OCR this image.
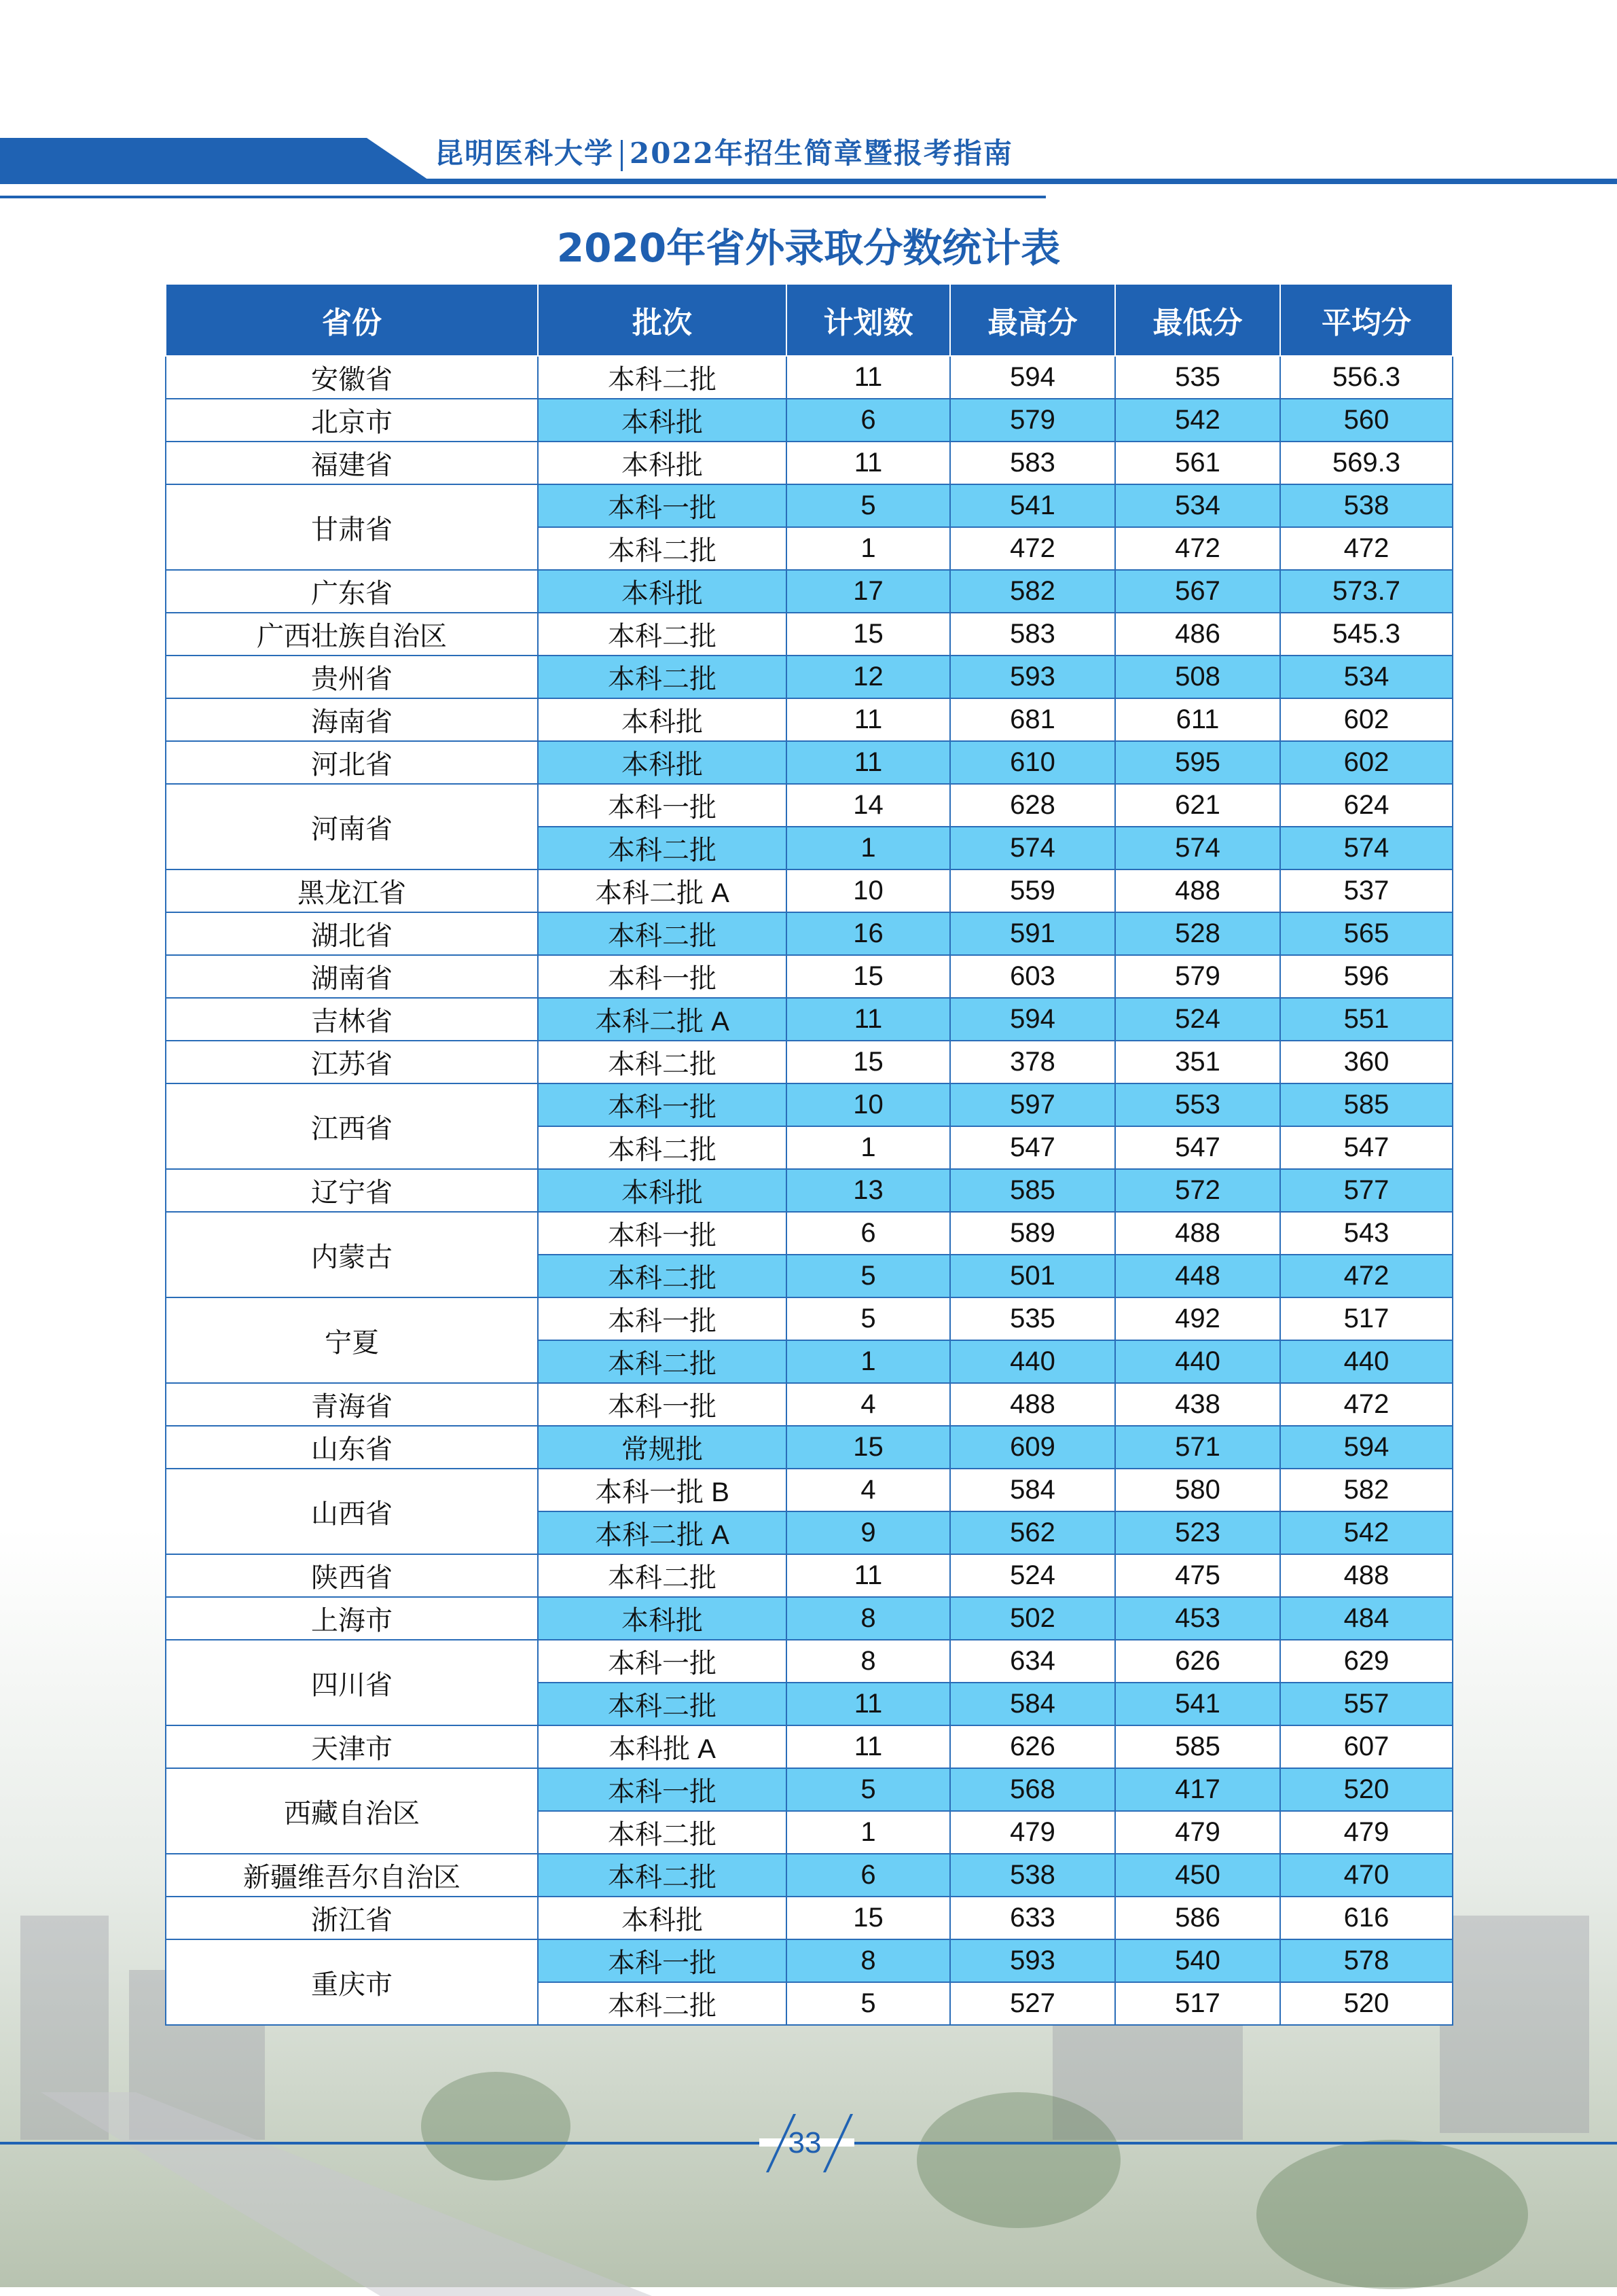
昆明医科大学 2022年招生简章暨报考指南
2020年省外录取分数统计表
省份	批次	计划数	最高分	最低分	平均分
安徽省	本科二批	11	594	535	556.3
北京市	本科批	6	579	542	560
福建省	本科批	11	583	561	569.3
甘肃省	本科一批	5	541	534	538
	本科二批	1	472	472	472
广东省	本科批	17	582	567	573.7
广西壮族自治区	本科二批	15	583	486	545.3
贵州省	本科二批	12	593	508	534
海南省	本科批	11	681	611	602
河北省	本科批	11	610	595	602
河南省	本科一批	14	628	621	624
	本科二批	1	574	574	574
黑龙江省	本科二批 A	10	559	488	537
湖北省	本科二批	16	591	528	565
湖南省	本科一批	15	603	579	596
吉林省	本科二批 A	11	594	524	551
江苏省	本科二批	15	378	351	360
江西省	本科一批	10	597	553	585
	本科二批	1	547	547	547
辽宁省	本科批	13	585	572	577
内蒙古	本科一批	6	589	488	543
	本科二批	5	501	448	472
宁夏	本科一批	5	535	492	517
	本科二批	1	440	440	440
青海省	本科一批	4	488	438	472
山东省	常规批	15	609	571	594
山西省	本科一批 B	4	584	580	582
	本科二批 A	9	562	523	542
陕西省	本科二批	11	524	475	488
上海市	本科批	8	502	453	484
四川省	本科一批	8	634	626	629
	本科二批	11	584	541	557
天津市	本科批 A	11	626	585	607
西藏自治区	本科一批	5	568	417	520
	本科二批	1	479	479	479
新疆维吾尔自治区	本科二批	6	538	450	470
浙江省	本科批	15	633	586	616
重庆市	本科一批	8	593	540	578
	本科二批	5	527	517	520
33
